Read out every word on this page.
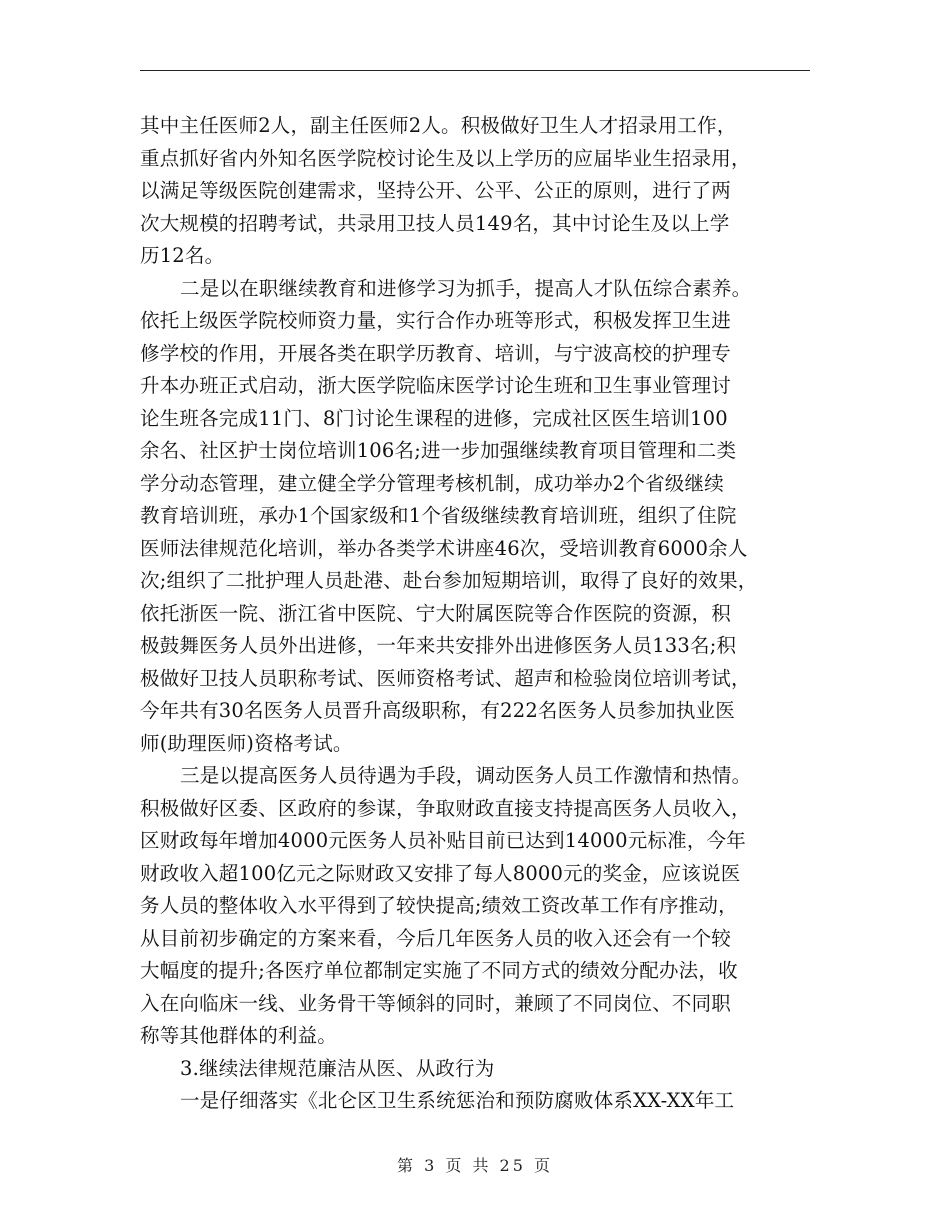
其中主任医师2人，副主任医师2人。积极做好卫生人才招录用工作，
重点抓好省内外知名医学院校讨论生及以上学历的应届毕业生招录用，
以满足等级医院创建需求，坚持公开、公平、公正的原则，进行了两
次大规模的招聘考试，共录用卫技人员149名，其中讨论生及以上学
历12名。
二是以在职继续教育和进修学习为抓手，提高人才队伍综合素养。
依托上级医学院校师资力量，实行合作办班等形式，积极发挥卫生进
修学校的作用，开展各类在职学历教育、培训，与宁波高校的护理专
升本办班正式启动，浙大医学院临床医学讨论生班和卫生事业管理讨
论生班各完成11门、8门讨论生课程的进修，完成社区医生培训100
余名、社区护士岗位培训106名;进一步加强继续教育项目管理和二类
学分动态管理，建立健全学分管理考核机制，成功举办2个省级继续
教育培训班，承办1个国家级和1个省级继续教育培训班，组织了住院
医师法律规范化培训，举办各类学术讲座46次，受培训教育6000余人
次;组织了二批护理人员赴港、赴台参加短期培训，取得了良好的效果，
依托浙医一院、浙江省中医院、宁大附属医院等合作医院的资源，积
极鼓舞医务人员外出进修，一年来共安排外出进修医务人员133名;积
极做好卫技人员职称考试、医师资格考试、超声和检验岗位培训考试，
今年共有30名医务人员晋升高级职称，有222名医务人员参加执业医
师(助理医师)资格考试。
三是以提高医务人员待遇为手段，调动医务人员工作激情和热情。
积极做好区委、区政府的参谋，争取财政直接支持提高医务人员收入，
区财政每年增加4000元医务人员补贴目前已达到14000元标准，今年
财政收入超100亿元之际财政又安排了每人8000元的奖金，应该说医
务人员的整体收入水平得到了较快提高;绩效工资改革工作有序推动，
从目前初步确定的方案来看，今后几年医务人员的收入还会有一个较
大幅度的提升;各医疗单位都制定实施了不同方式的绩效分配办法，收
入在向临床一线、业务骨干等倾斜的同时，兼顾了不同岗位、不同职
称等其他群体的利益。
3.继续法律规范廉洁从医、从政行为
一是仔细落实《北仑区卫生系统惩治和预防腐败体系XX-XX年工
第 3 页 共 25 页
